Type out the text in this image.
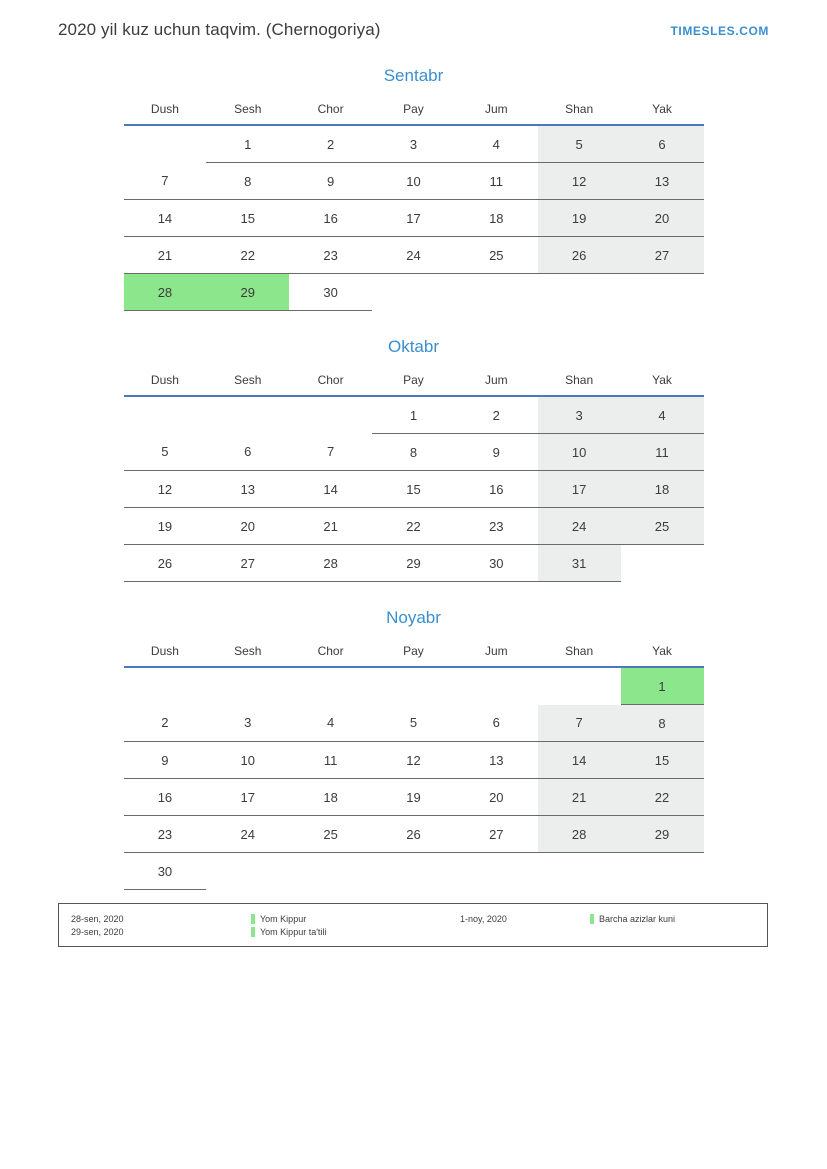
2020 yil kuz uchun taqvim. (Chernogoriya)	TIMESLES.COM
Sentabr
Dush	Sesh	Chor	Pay	Jum	Shan	Yak
	1	2	3	4	5	6
7	8	9	10	11	12	13
14	15	16	17	18	19	20
21	22	23	24	25	26	27
28	29	30				
Oktabr
Dush	Sesh	Chor	Pay	Jum	Shan	Yak
			1	2	3	4
5	6	7	8	9	10	11
12	13	14	15	16	17	18
19	20	21	22	23	24	25
26	27	28	29	30	31	
Noyabr
Dush	Sesh	Chor	Pay	Jum	Shan	Yak
						1
2	3	4	5	6	7	8
9	10	11	12	13	14	15
16	17	18	19	20	21	22
23	24	25	26	27	28	29
30						
28-sen, 2020	Yom Kippur	1-noy, 2020	Barcha azizlar kuni
29-sen, 2020	Yom Kippur ta'tili
